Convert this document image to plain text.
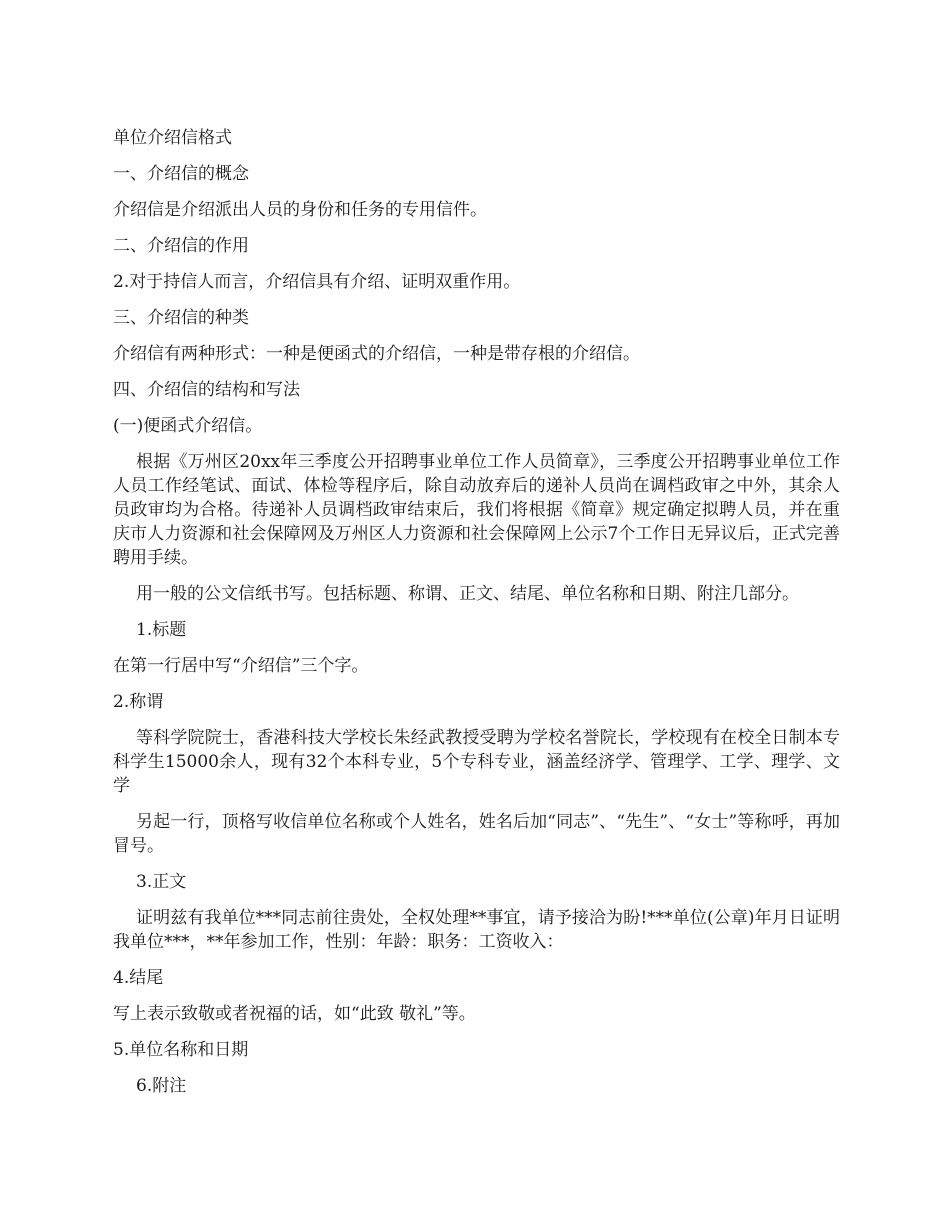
单位介绍信格式

一、介绍信的概念

介绍信是介绍派出人员的身份和任务的专用信件。

二、介绍信的作用

2.对于持信人而言，介绍信具有介绍、证明双重作用。

三、介绍信的种类

介绍信有两种形式：一种是便函式的介绍信，一种是带存根的介绍信。

四、介绍信的结构和写法

(一)便函式介绍信。

根据《万州区20xx年三季度公开招聘事业单位工作人员简章》，三季度公开招聘事业单位工作人员工作经笔试、面试、体检等程序后，除自动放弃后的递补人员尚在调档政审之中外，其余人员政审均为合格。待递补人员调档政审结束后，我们将根据《简章》规定确定拟聘人员，并在重庆市人力资源和社会保障网及万州区人力资源和社会保障网上公示7个工作日无异议后，正式完善聘用手续。

用一般的公文信纸书写。包括标题、称谓、正文、结尾、单位名称和日期、附注几部分。

1.标题

在第一行居中写“介绍信”三个字。

2.称谓

等科学院院士，香港科技大学校长朱经武教授受聘为学校名誉院长，学校现有在校全日制本专科学生15000余人，现有32个本科专业，5个专科专业，涵盖经济学、管理学、工学、理学、文学

另起一行，顶格写收信单位名称或个人姓名，姓名后加“同志”、“先生”、“女士”等称呼，再加冒号。

3.正文

证明兹有我单位***同志前往贵处，全权处理**事宜，请予接洽为盼!***单位(公章)年月日证明我单位***，**年参加工作，性别：年龄：职务：工资收入：

4.结尾

写上表示致敬或者祝福的话，如“此致 敬礼”等。

5.单位名称和日期

6.附注
